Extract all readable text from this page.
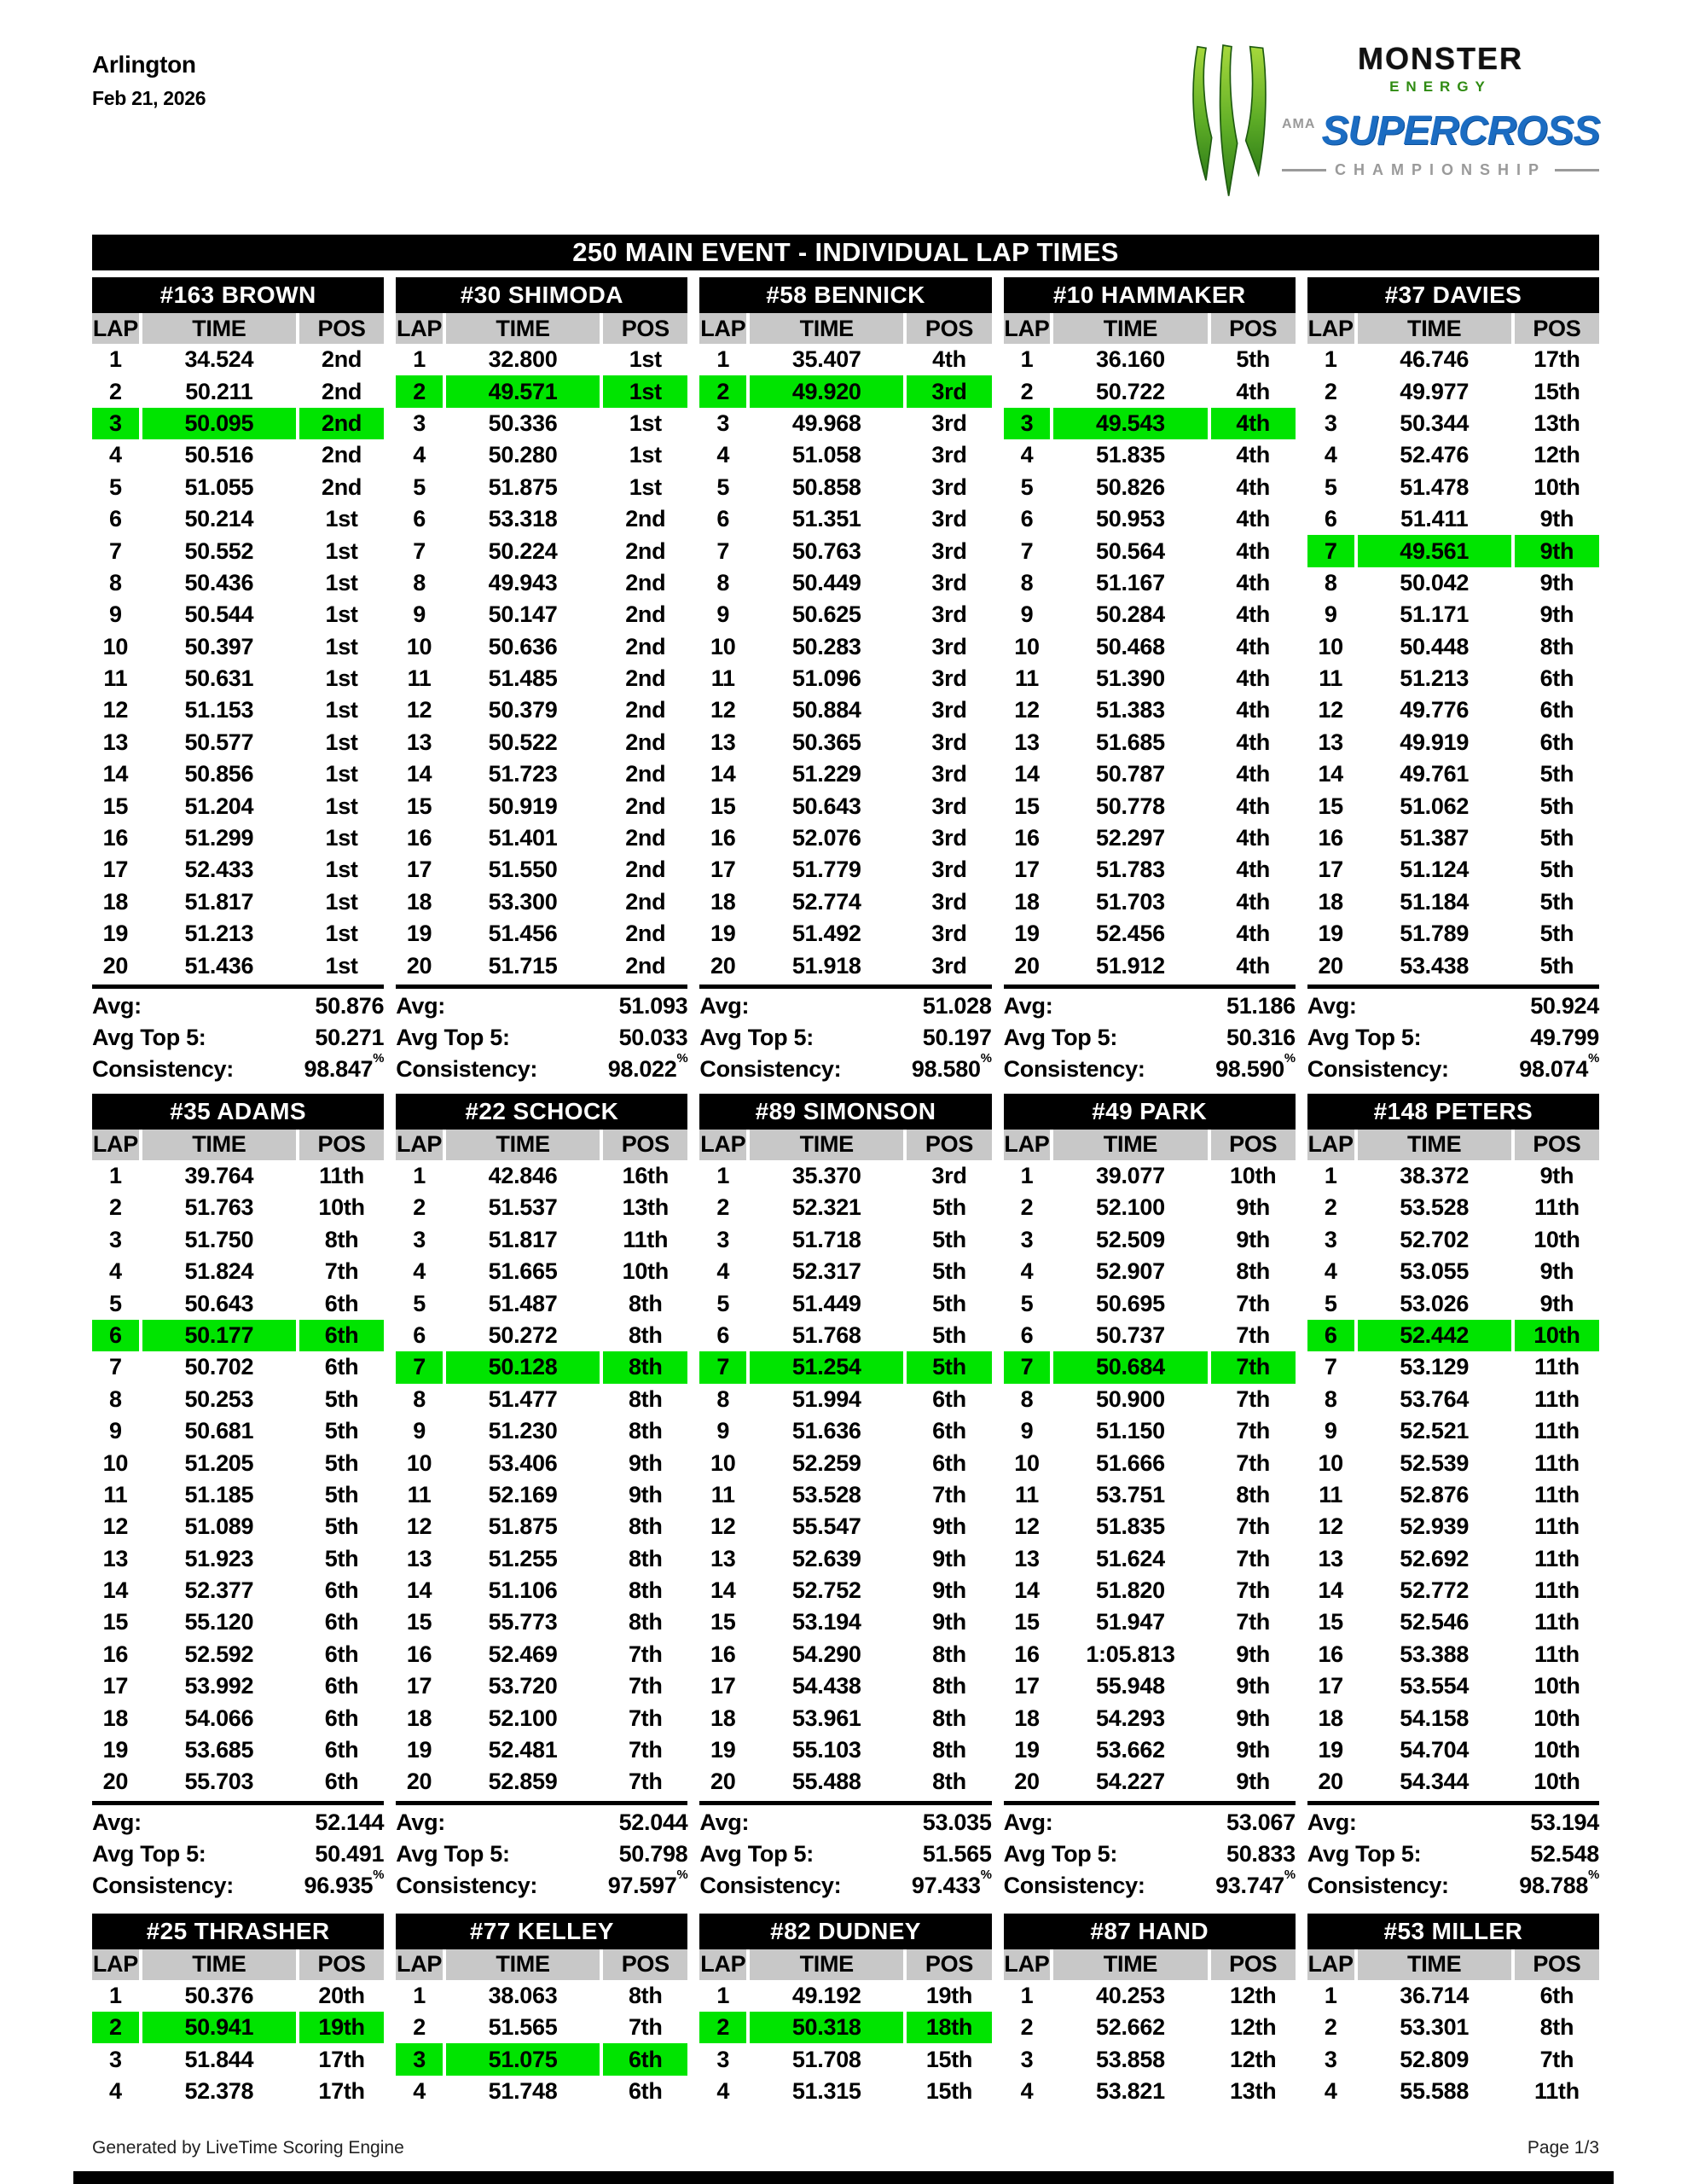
Arlington
Feb 21, 2026
MONSTER
ENERGY
AMA SUPERCROSS
CHAMPIONSHIP
250 MAIN EVENT - INDIVIDUAL LAP TIMES
#163 BROWN
LAP	TIME	POS
1	34.524	2nd
2	50.211	2nd
3	50.095	2nd
4	50.516	2nd
5	51.055	2nd
6	50.214	1st
7	50.552	1st
8	50.436	1st
9	50.544	1st
10	50.397	1st
11	50.631	1st
12	51.153	1st
13	50.577	1st
14	50.856	1st
15	51.204	1st
16	51.299	1st
17	52.433	1st
18	51.817	1st
19	51.213	1st
20	51.436	1st
Avg:	50.876
Avg Top 5:	50.271
Consistency:	98.847%
#30 SHIMODA
LAP	TIME	POS
1	32.800	1st
2	49.571	1st
3	50.336	1st
4	50.280	1st
5	51.875	1st
6	53.318	2nd
7	50.224	2nd
8	49.943	2nd
9	50.147	2nd
10	50.636	2nd
11	51.485	2nd
12	50.379	2nd
13	50.522	2nd
14	51.723	2nd
15	50.919	2nd
16	51.401	2nd
17	51.550	2nd
18	53.300	2nd
19	51.456	2nd
20	51.715	2nd
Avg:	51.093
Avg Top 5:	50.033
Consistency:	98.022%
#58 BENNICK
LAP	TIME	POS
1	35.407	4th
2	49.920	3rd
3	49.968	3rd
4	51.058	3rd
5	50.858	3rd
6	51.351	3rd
7	50.763	3rd
8	50.449	3rd
9	50.625	3rd
10	50.283	3rd
11	51.096	3rd
12	50.884	3rd
13	50.365	3rd
14	51.229	3rd
15	50.643	3rd
16	52.076	3rd
17	51.779	3rd
18	52.774	3rd
19	51.492	3rd
20	51.918	3rd
Avg:	51.028
Avg Top 5:	50.197
Consistency:	98.580%
#10 HAMMAKER
LAP	TIME	POS
1	36.160	5th
2	50.722	4th
3	49.543	4th
4	51.835	4th
5	50.826	4th
6	50.953	4th
7	50.564	4th
8	51.167	4th
9	50.284	4th
10	50.468	4th
11	51.390	4th
12	51.383	4th
13	51.685	4th
14	50.787	4th
15	50.778	4th
16	52.297	4th
17	51.783	4th
18	51.703	4th
19	52.456	4th
20	51.912	4th
Avg:	51.186
Avg Top 5:	50.316
Consistency:	98.590%
#37 DAVIES
LAP	TIME	POS
1	46.746	17th
2	49.977	15th
3	50.344	13th
4	52.476	12th
5	51.478	10th
6	51.411	9th
7	49.561	9th
8	50.042	9th
9	51.171	9th
10	50.448	8th
11	51.213	6th
12	49.776	6th
13	49.919	6th
14	49.761	5th
15	51.062	5th
16	51.387	5th
17	51.124	5th
18	51.184	5th
19	51.789	5th
20	53.438	5th
Avg:	50.924
Avg Top 5:	49.799
Consistency:	98.074%
#35 ADAMS
LAP	TIME	POS
1	39.764	11th
2	51.763	10th
3	51.750	8th
4	51.824	7th
5	50.643	6th
6	50.177	6th
7	50.702	6th
8	50.253	5th
9	50.681	5th
10	51.205	5th
11	51.185	5th
12	51.089	5th
13	51.923	5th
14	52.377	6th
15	55.120	6th
16	52.592	6th
17	53.992	6th
18	54.066	6th
19	53.685	6th
20	55.703	6th
Avg:	52.144
Avg Top 5:	50.491
Consistency:	96.935%
#22 SCHOCK
LAP	TIME	POS
1	42.846	16th
2	51.537	13th
3	51.817	11th
4	51.665	10th
5	51.487	8th
6	50.272	8th
7	50.128	8th
8	51.477	8th
9	51.230	8th
10	53.406	9th
11	52.169	9th
12	51.875	8th
13	51.255	8th
14	51.106	8th
15	55.773	8th
16	52.469	7th
17	53.720	7th
18	52.100	7th
19	52.481	7th
20	52.859	7th
Avg:	52.044
Avg Top 5:	50.798
Consistency:	97.597%
#89 SIMONSON
LAP	TIME	POS
1	35.370	3rd
2	52.321	5th
3	51.718	5th
4	52.317	5th
5	51.449	5th
6	51.768	5th
7	51.254	5th
8	51.994	6th
9	51.636	6th
10	52.259	6th
11	53.528	7th
12	55.547	9th
13	52.639	9th
14	52.752	9th
15	53.194	9th
16	54.290	8th
17	54.438	8th
18	53.961	8th
19	55.103	8th
20	55.488	8th
Avg:	53.035
Avg Top 5:	51.565
Consistency:	97.433%
#49 PARK
LAP	TIME	POS
1	39.077	10th
2	52.100	9th
3	52.509	9th
4	52.907	8th
5	50.695	7th
6	50.737	7th
7	50.684	7th
8	50.900	7th
9	51.150	7th
10	51.666	7th
11	53.751	8th
12	51.835	7th
13	51.624	7th
14	51.820	7th
15	51.947	7th
16	1:05.813	9th
17	55.948	9th
18	54.293	9th
19	53.662	9th
20	54.227	9th
Avg:	53.067
Avg Top 5:	50.833
Consistency:	93.747%
#148 PETERS
LAP	TIME	POS
1	38.372	9th
2	53.528	11th
3	52.702	10th
4	53.055	9th
5	53.026	9th
6	52.442	10th
7	53.129	11th
8	53.764	11th
9	52.521	11th
10	52.539	11th
11	52.876	11th
12	52.939	11th
13	52.692	11th
14	52.772	11th
15	52.546	11th
16	53.388	11th
17	53.554	10th
18	54.158	10th
19	54.704	10th
20	54.344	10th
Avg:	53.194
Avg Top 5:	52.548
Consistency:	98.788%
#25 THRASHER
LAP	TIME	POS
1	50.376	20th
2	50.941	19th
3	51.844	17th
4	52.378	17th
#77 KELLEY
LAP	TIME	POS
1	38.063	8th
2	51.565	7th
3	51.075	6th
4	51.748	6th
#82 DUDNEY
LAP	TIME	POS
1	49.192	19th
2	50.318	18th
3	51.708	15th
4	51.315	15th
#87 HAND
LAP	TIME	POS
1	40.253	12th
2	52.662	12th
3	53.858	12th
4	53.821	13th
#53 MILLER
LAP	TIME	POS
1	36.714	6th
2	53.301	8th
3	52.809	7th
4	55.588	11th
Generated by LiveTime Scoring Engine	Page 1/3
